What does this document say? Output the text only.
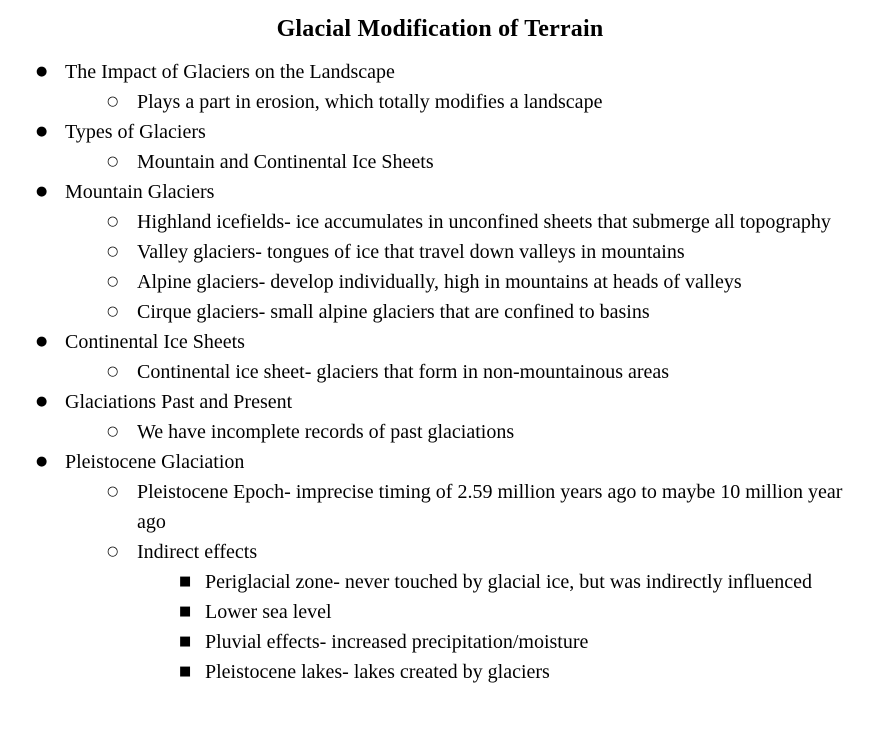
Glacial Modification of Terrain
● The Impact of Glaciers on the Landscape
○ Plays a part in erosion, which totally modifies a landscape
● Types of Glaciers
○ Mountain and Continental Ice Sheets
● Mountain Glaciers
○ Highland icefields- ice accumulates in unconfined sheets that submerge all topography
○ Valley glaciers- tongues of ice that travel down valleys in mountains
○ Alpine glaciers- develop individually, high in mountains at heads of valleys
○ Cirque glaciers- small alpine glaciers that are confined to basins
● Continental Ice Sheets
○ Continental ice sheet- glaciers that form in non-mountainous areas
● Glaciations Past and Present
○ We have incomplete records of past glaciations
● Pleistocene Glaciation
○ Pleistocene Epoch- imprecise timing of 2.59 million years ago to maybe 10 million year ago
○ Indirect effects
■ Periglacial zone- never touched by glacial ice, but was indirectly influenced
■ Lower sea level
■ Pluvial effects- increased precipitation/moisture
■ Pleistocene lakes- lakes created by glaciers
